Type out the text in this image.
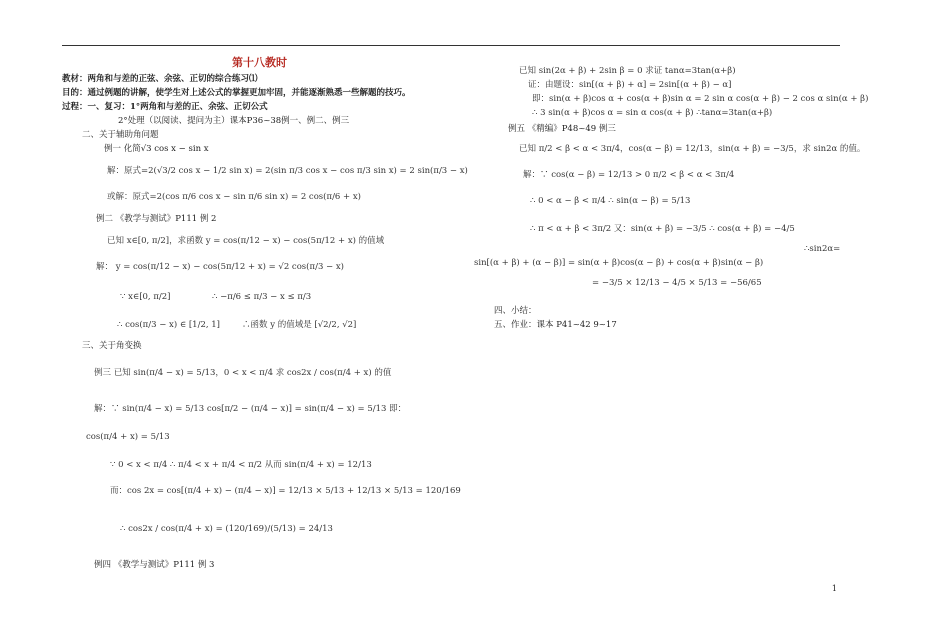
第十八教时
教材：两角和与差的正弦、余弦、正切的综合练习⑴
目的：通过例题的讲解，使学生对上述公式的掌握更加牢固，并能逐渐熟悉一些解题的技巧。
过程：一、复习：1°两角和与差的正、余弦、正切公式
2°处理（以阅读、提问为主）课本P36~38例一、例二、例三
二、关于辅助角问题
例一 化简√3 cos x − sin x
解：原式=2(√3/2 cos x − 1/2 sin x) = 2(sin π/3 cos x − cos π/3 sin x) = 2 sin(π/3 − x)
或解：原式=2(cos π/6 cos x − sin π/6 sin x) = 2 cos(π/6 + x)
例二 《教学与测试》P111 例 2
已知 x∈[0, π/2]，求函数 y = cos(π/12 − x) − cos(5π/12 + x) 的值域
解： y = cos(π/12 − x) − cos(5π/12 + x) = √2 cos(π/3 − x)
∵ x∈[0, π/2]	∴ −π/6 ≤ π/3 − x ≤ π/3
∴ cos(π/3 − x) ∈ [1/2, 1]	∴函数 y 的值域是 [√2/2, √2]
三、关于角变换
例三 已知 sin(π/4 − x) = 5/13，0 < x < π/4 求 cos2x / cos(π/4 + x) 的值
解：∵ sin(π/4 − x) = 5/13 cos[π/2 − (π/4 − x)] = sin(π/4 − x) = 5/13 即：
cos(π/4 + x) = 5/13
∵ 0 < x < π/4 ∴ π/4 < x + π/4 < π/2 从而 sin(π/4 + x) = 12/13
而：cos 2x = cos[(π/4 + x) − (π/4 − x)] = 12/13 × 5/13 + 12/13 × 5/13 = 120/169
∴ cos2x / cos(π/4 + x) = (120/169)/(5/13) = 24/13
例四 《教学与测试》P111 例 3
已知 sin(2α + β) + 2sin β = 0 求证 tanα=3tan(α+β)
证：由题设：sin[(α + β) + α] = 2sin[(α + β) − α]
即：sin(α + β)cos α + cos(α + β)sin α = 2 sin α cos(α + β) − 2 cos α sin(α + β)
∴ 3 sin(α + β)cos α = sin α cos(α + β) ∴tanα=3tan(α+β)
例五 《精编》P48~49 例三
已知 π/2 < β < α < 3π/4，cos(α − β) = 12/13，sin(α + β) = −3/5，求 sin2α 的值。
解：∵ cos(α − β) = 12/13 > 0 π/2 < β < α < 3π/4
∴ 0 < α − β < π/4 ∴ sin(α − β) = 5/13
∴ π < α + β < 3π/2 又：sin(α + β) = −3/5 ∴ cos(α + β) = −4/5
∴sin2α=
sin[(α + β) + (α − β)] = sin(α + β)cos(α − β) + cos(α + β)sin(α − β)
= −3/5 × 12/13 − 4/5 × 5/13 = −56/65
四、小结：
五、作业：课本 P41~42 9~17
1
